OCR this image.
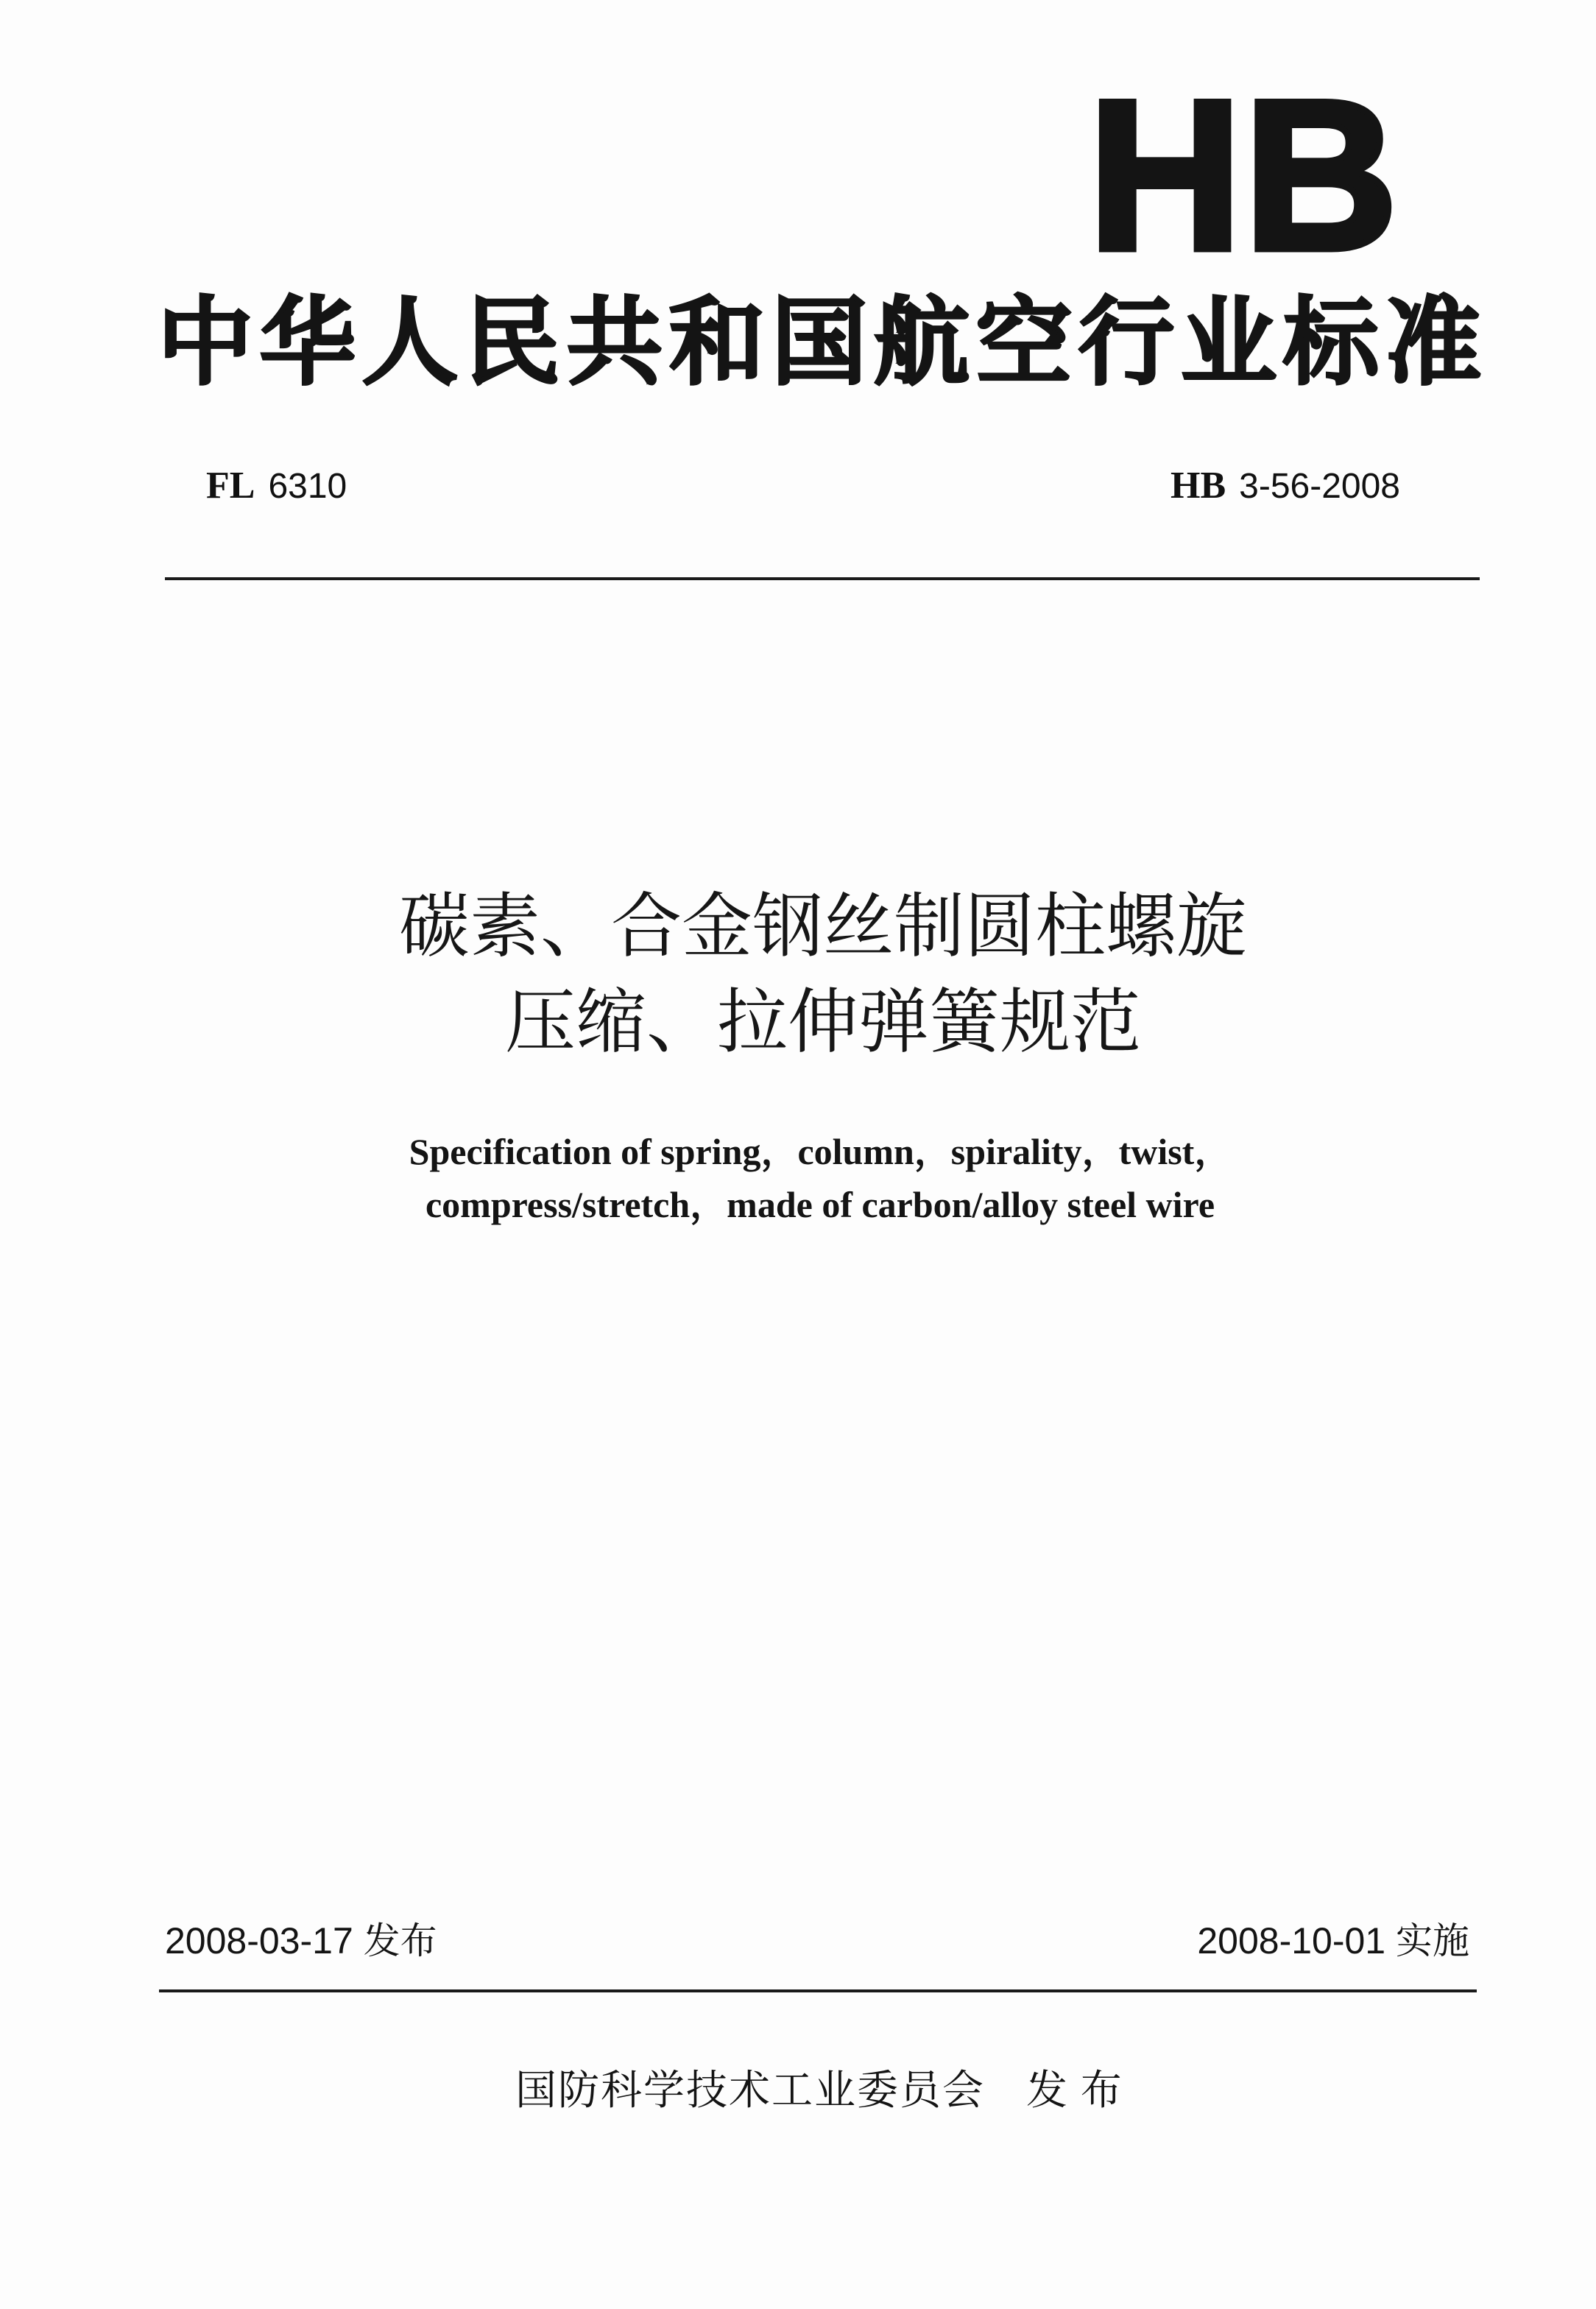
HB
中华人民共和国航空行业标准
FL 6310	HB 3-56-2008
碳素、合金钢丝制圆柱螺旋
压缩、拉伸弹簧规范
Specification of spring，column，spirality，twist，
compress/stretch，made of carbon/alloy steel wire
2008-03-17 发布	2008-10-01 实施
国防科学技术工业委员会 发 布
